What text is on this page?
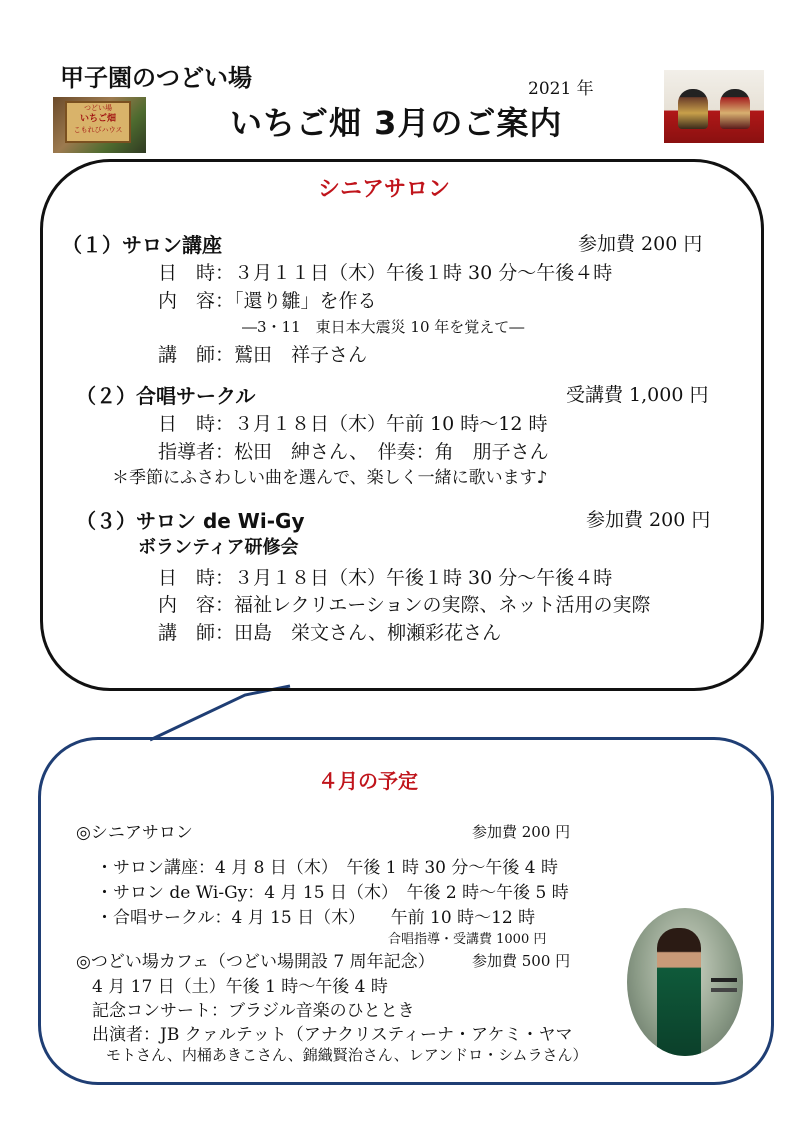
甲子園のつどい場	2021 年
いちご畑 3月のご案内
つどい場
いちご畑
こもれびハウス
シニアサロン
（１）サロン講座	参加費 200 円
日　時：３月１１日（木）午後１時 30 分～午後４時
内　容：「還り雛」を作る
―3・11　東日本大震災 10 年を覚えて―
講　師：鷲田　祥子さん
（２）合唱サークル	受講費 1,000 円
日　時：３月１８日（木）午前 10 時～12 時
指導者：松田　紳さん、　伴奏：角　朋子さん
＊季節にふさわしい曲を選んで、楽しく一緒に歌います♪
（３）サロン de Wi-Gy
ボランティア研修会
参加費 200 円
日　時：３月１８日（木）午後１時 30 分～午後４時
内　容：福祉レクリエーションの実際、ネット活用の実際
講　師：田島　栄文さん、柳瀬彩花さん
４月の予定
◎シニアサロン	参加費 200 円
・サロン講座：4 月 8 日（木）　午後 1 時 30 分～午後 4 時
・サロン de Wi-Gy：4 月 15 日（木）　午後 2 時～午後 5 時
・合唱サークル：4 月 15 日（木）　　午前 10 時～12 時
合唱指導・受講費 1000 円
◎つどい場カフェ（つどい場開設 7 周年記念） 参加費 500 円
4 月 17 日（土）午後 1 時～午後 4 時
記念コンサート：ブラジル音楽のひととき
出演者：JB クァルテット（アナクリスティーナ・アケミ・ヤマ
モトさん、内桶あきこさん、錦織賢治さん、レアンドロ・シムラさん）
